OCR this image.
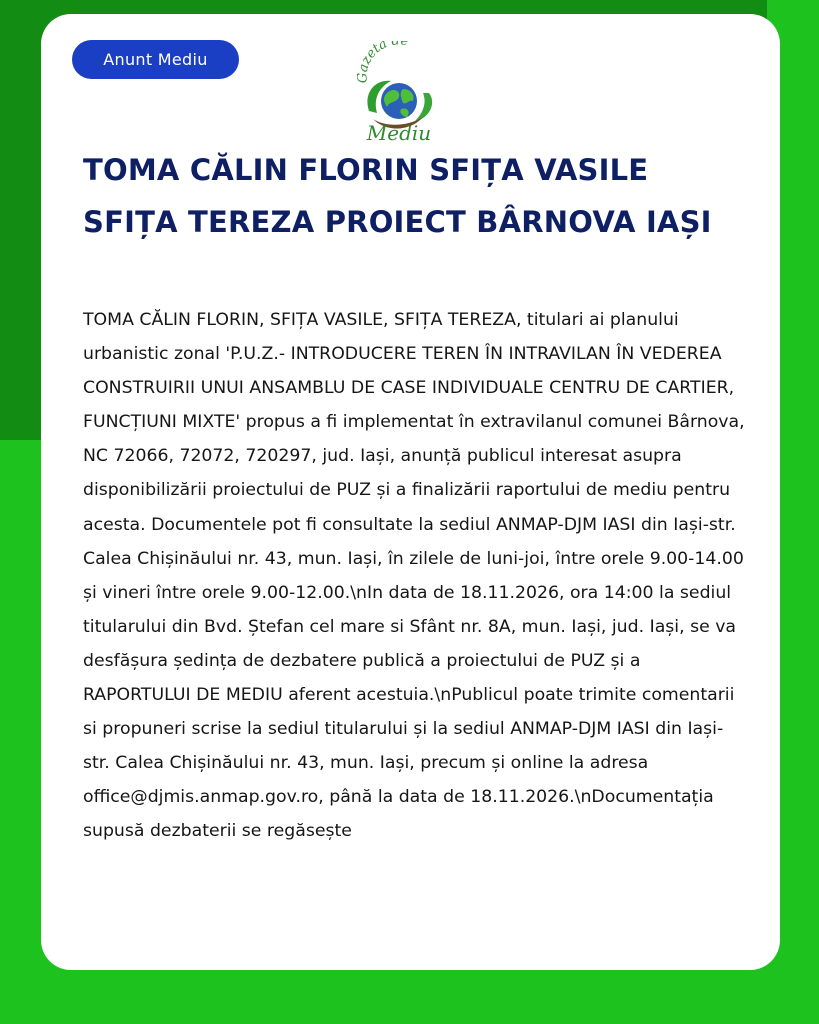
Anunt Mediu	azeta de
Mediu
TOMA CĂLIN FLORIN SFIȚA VASILE SFIȚA TEREZA PROIECT BÂRNOVA IAȘI

TOMA CĂLIN FLORIN, SFIȚA VASILE, SFIȚA TEREZA, titulari ai planului urbanistic zonal 'P.U.Z.- INTRODUCERE TEREN ÎN INTRAVILAN ÎN VEDEREA CONSTRUIRII UNUI ANSAMBLU DE CASE INDIVIDUALE CENTRU DE CARTIER, FUNCȚIUNI MIXTE' propus a fi implementat în extravilanul comunei Bârnova, NC 72066, 72072, 720297, jud. Iași, anunță publicul interesat asupra disponibilizării proiectului de PUZ și a finalizării raportului de mediu pentru acesta. Documentele pot fi consultate la sediul ANMAP-DJM IASI din Iași-str. Calea Chișinăului nr. 43, mun. Iași, în zilele de luni-joi, între orele 9.00-14.00 și vineri între orele 9.00-12.00.\nIn data de 18.11.2026, ora 14:00 la sediul titularului din Bvd. Ștefan cel mare si Sfânt nr. 8A, mun. Iași, jud. Iași, se va desfășura ședința de dezbatere publică a proiectului de PUZ și a RAPORTULUI DE MEDIU aferent acestuia.\nPublicul poate trimite comentarii si propuneri scrise la sediul titularului și la sediul ANMAP-DJM IASI din Iași-str. Calea Chișinăului nr. 43, mun. Iași, precum și online la adresa office@djmis.anmap.gov.ro, până la data de 18.11.2026.\nDocumentația supusă dezbaterii se regăsește
